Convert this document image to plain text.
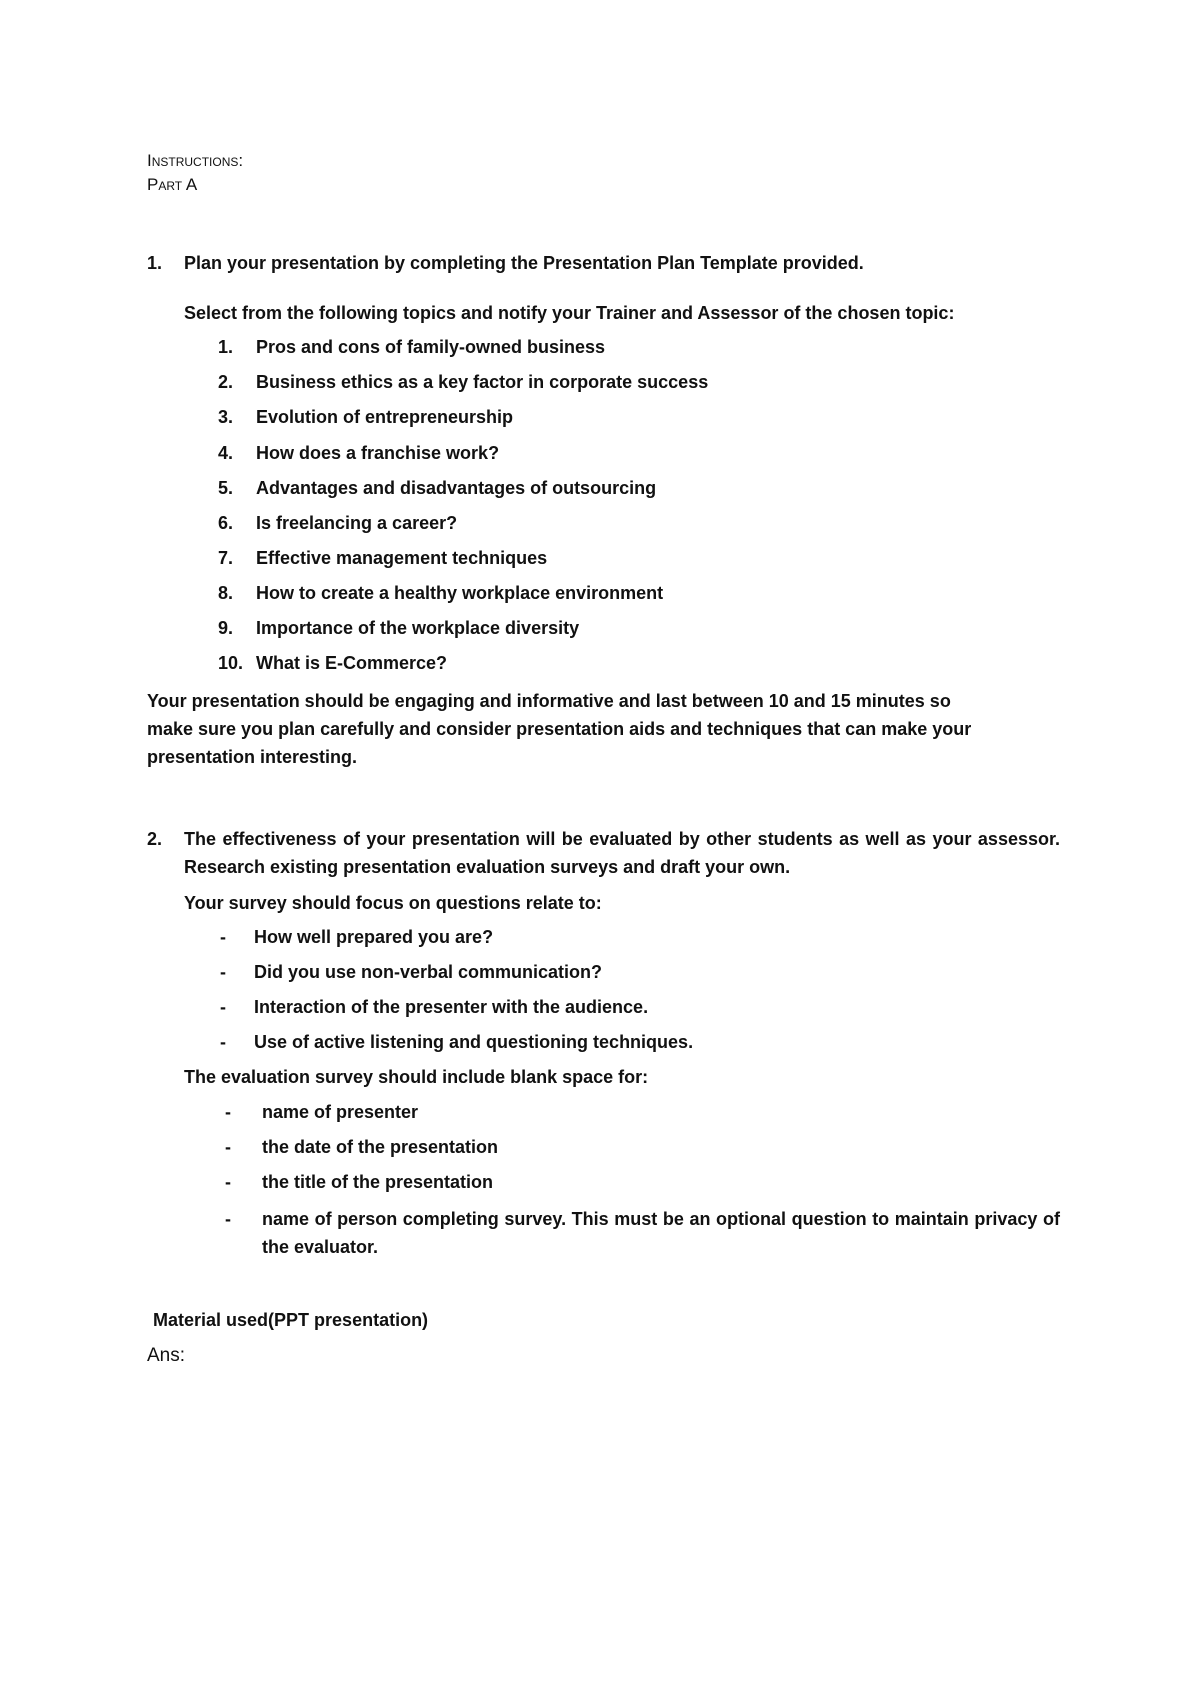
Instructions:
Part A
1. Plan your presentation by completing the Presentation Plan Template provided.
Select from the following topics and notify your Trainer and Assessor of the chosen topic:
1. Pros and cons of family-owned business
2. Business ethics as a key factor in corporate success
3. Evolution of entrepreneurship
4. How does a franchise work?
5. Advantages and disadvantages of outsourcing
6. Is freelancing a career?
7. Effective management techniques
8. How to create a healthy workplace environment
9. Importance of the workplace diversity
10. What is E-Commerce?
Your presentation should be engaging and informative and last between 10 and 15 minutes so
make sure you plan carefully and consider presentation aids and techniques that can make your
presentation interesting.
2. The effectiveness of your presentation will be evaluated by other students as well as your assessor. Research existing presentation evaluation surveys and draft your own.
Your survey should focus on questions relate to:
- How well prepared you are?
- Did you use non-verbal communication?
- Interaction of the presenter with the audience.
- Use of active listening and questioning techniques.
The evaluation survey should include blank space for:
- name of presenter
- the date of the presentation
- the title of the presentation
- name of person completing survey. This must be an optional question to maintain privacy of the evaluator.
Material used(PPT presentation)
Ans:
